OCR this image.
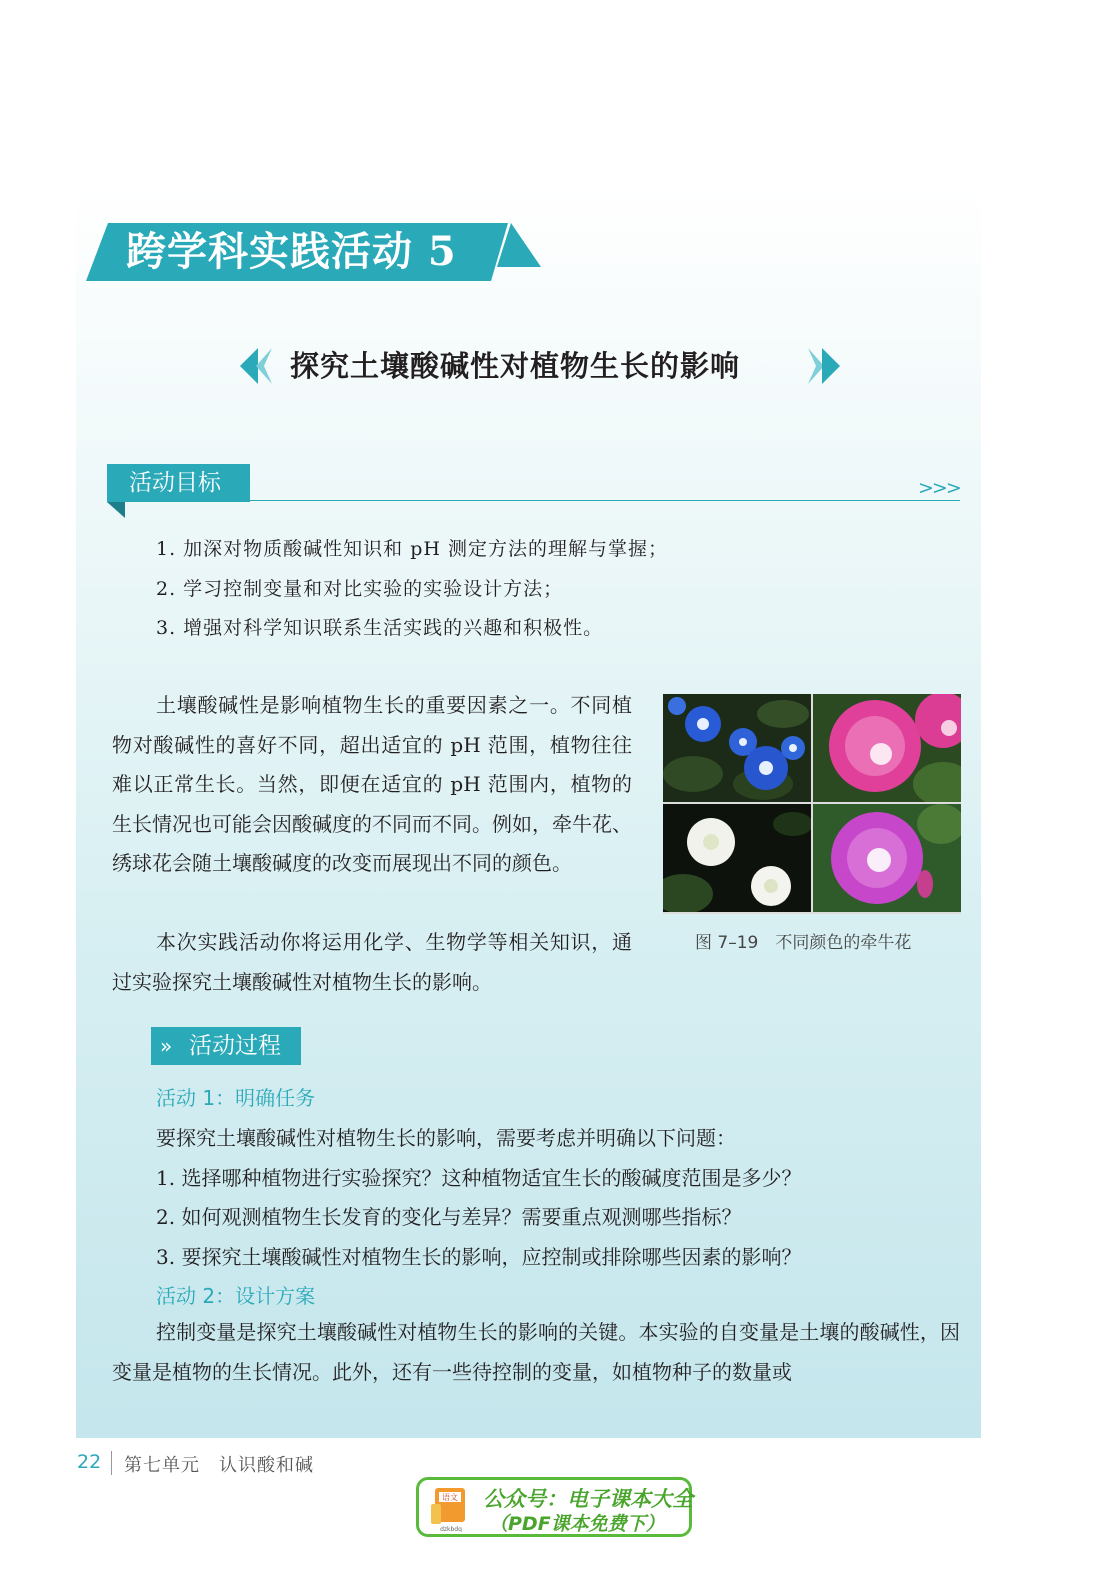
跨学科实践活动 5
探究土壤酸碱性对植物生长的影响
活动目标	>>>
1. 加深对物质酸碱性知识和 pH 测定方法的理解与掌握；
2. 学习控制变量和对比实验的实验设计方法；
3. 增强对科学知识联系生活实践的兴趣和积极性。

土壤酸碱性是影响植物生长的重要因素之一。不同植物对酸碱性的喜好不同，超出适宜的 pH 范围，植物往往难以正常生长。当然，即便在适宜的 pH 范围内，植物的生长情况也可能会因酸碱度的不同而不同。例如，牵牛花、绣球花会随土壤酸碱度的改变而展现出不同的颜色。

本次实践活动你将运用化学、生物学等相关知识，通过实验探究土壤酸碱性对植物生长的影响。

图 7–19　不同颜色的牵牛花
» 活动过程
活动 1：明确任务
要探究土壤酸碱性对植物生长的影响，需要考虑并明确以下问题：
1. 选择哪种植物进行实验探究？这种植物适宜生长的酸碱度范围是多少？
2. 如何观测植物生长发育的变化与差异？需要重点观测哪些指标？
3. 要探究土壤酸碱性对植物生长的影响，应控制或排除哪些因素的影响？
活动 2：设计方案

控制变量是探究土壤酸碱性对植物生长的影响的关键。本实验的自变量是土壤的酸碱性，因变量是植物的生长情况。此外，还有一些待控制的变量，如植物种子的数量或

22 第七单元　认识酸和碱
语文
dzkbdq
公众号：电子课本大全
（PDF课本免费下）
